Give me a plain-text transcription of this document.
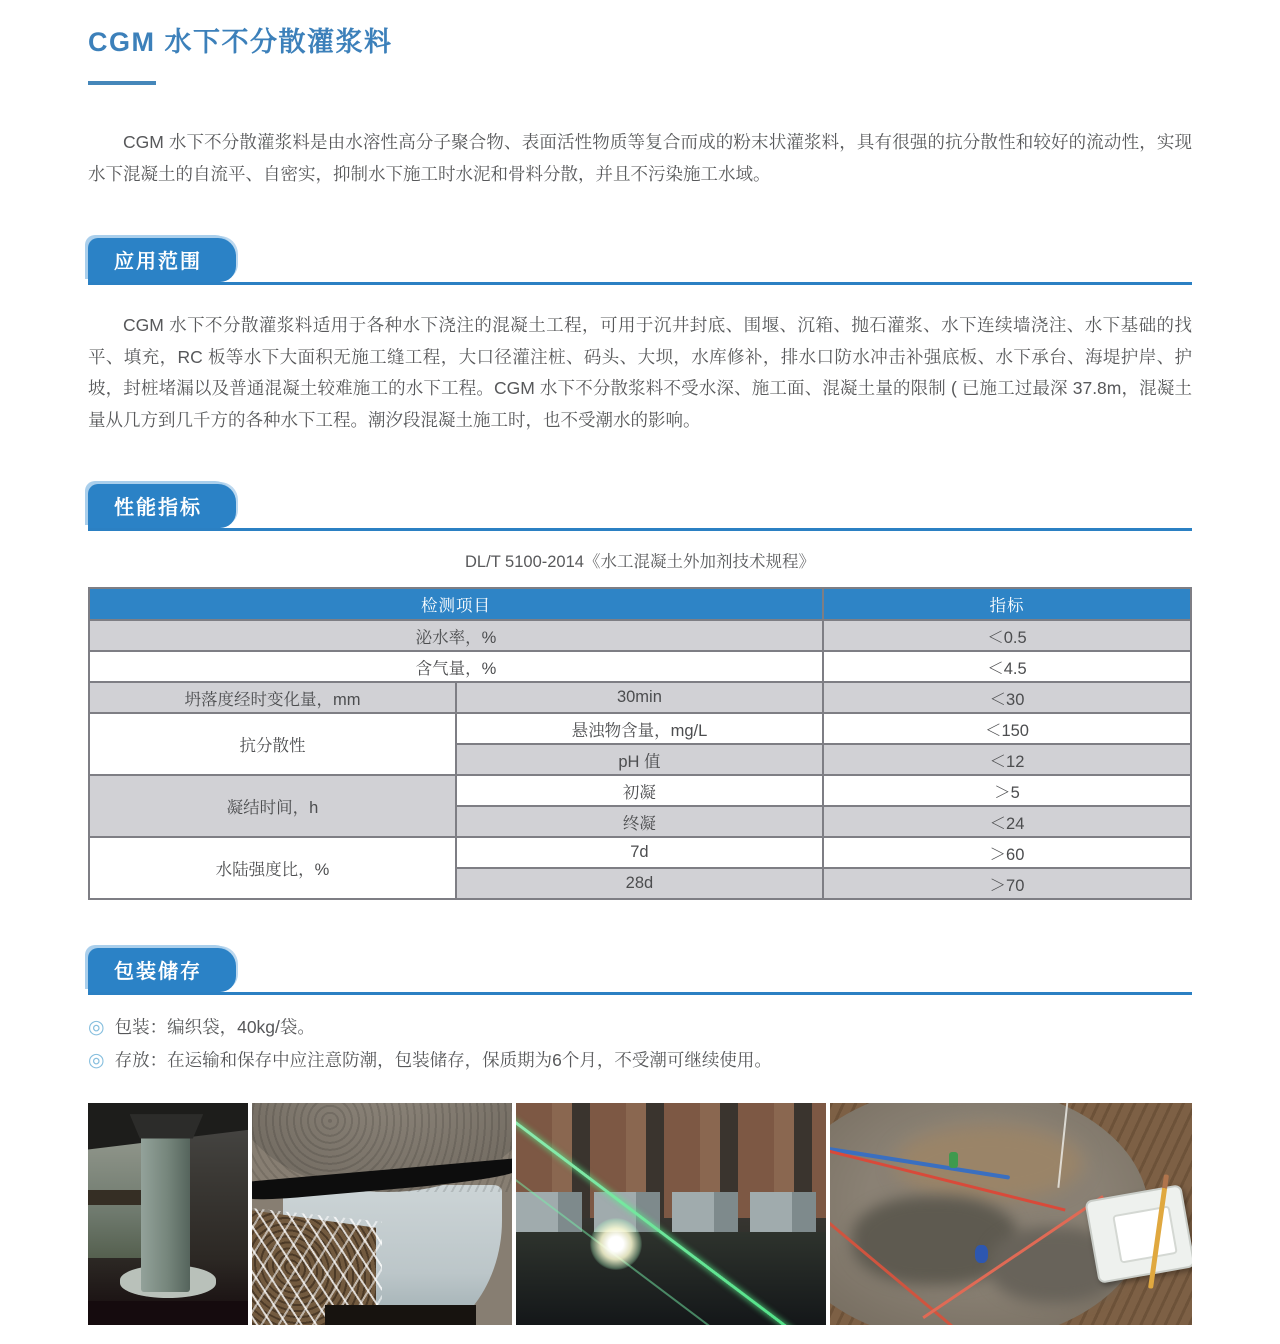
CGM 水下不分散灌浆料

CGM 水下不分散灌浆料是由水溶性高分子聚合物、表面活性物质等复合而成的粉末状灌浆料，具有很强的抗分散性和较好的流动性，实现水下混凝土的自流平、自密实，抑制水下施工时水泥和骨料分散，并且不污染施工水域。

应用范围

CGM 水下不分散灌浆料适用于各种水下浇注的混凝土工程，可用于沉井封底、围堰、沉箱、抛石灌浆、水下连续墙浇注、水下基础的找平、填充，RC 板等水下大面积无施工缝工程，大口径灌注桩、码头、大坝，水库修补，排水口防水冲击补强底板、水下承台、海堤护岸、护坡，封桩堵漏以及普通混凝土较难施工的水下工程。CGM 水下不分散浆料不受水深、施工面、混凝土量的限制 ( 已施工过最深 37.8m，混凝土量从几方到几千方的各种水下工程。潮汐段混凝土施工时，也不受潮水的影响。

性能指标
DL/T 5100-2014《水工混凝土外加剂技术规程》
检测项目		指标
泌水率，%		＜0.5
含气量，%		＜4.5
坍落度经时变化量，mm	30min	＜30
抗分散性	悬浊物含量，mg/L	＜150
	pH 值	＜12
凝结时间，h	初凝	＞5
	终凝	＜24
水陆强度比，%	7d	＞60
	28d	＞70
包装储存
◎ 包装：编织袋，40kg/袋。
◎ 存放：在运输和保存中应注意防潮，包装储存，保质期为6个月，不受潮可继续使用。
